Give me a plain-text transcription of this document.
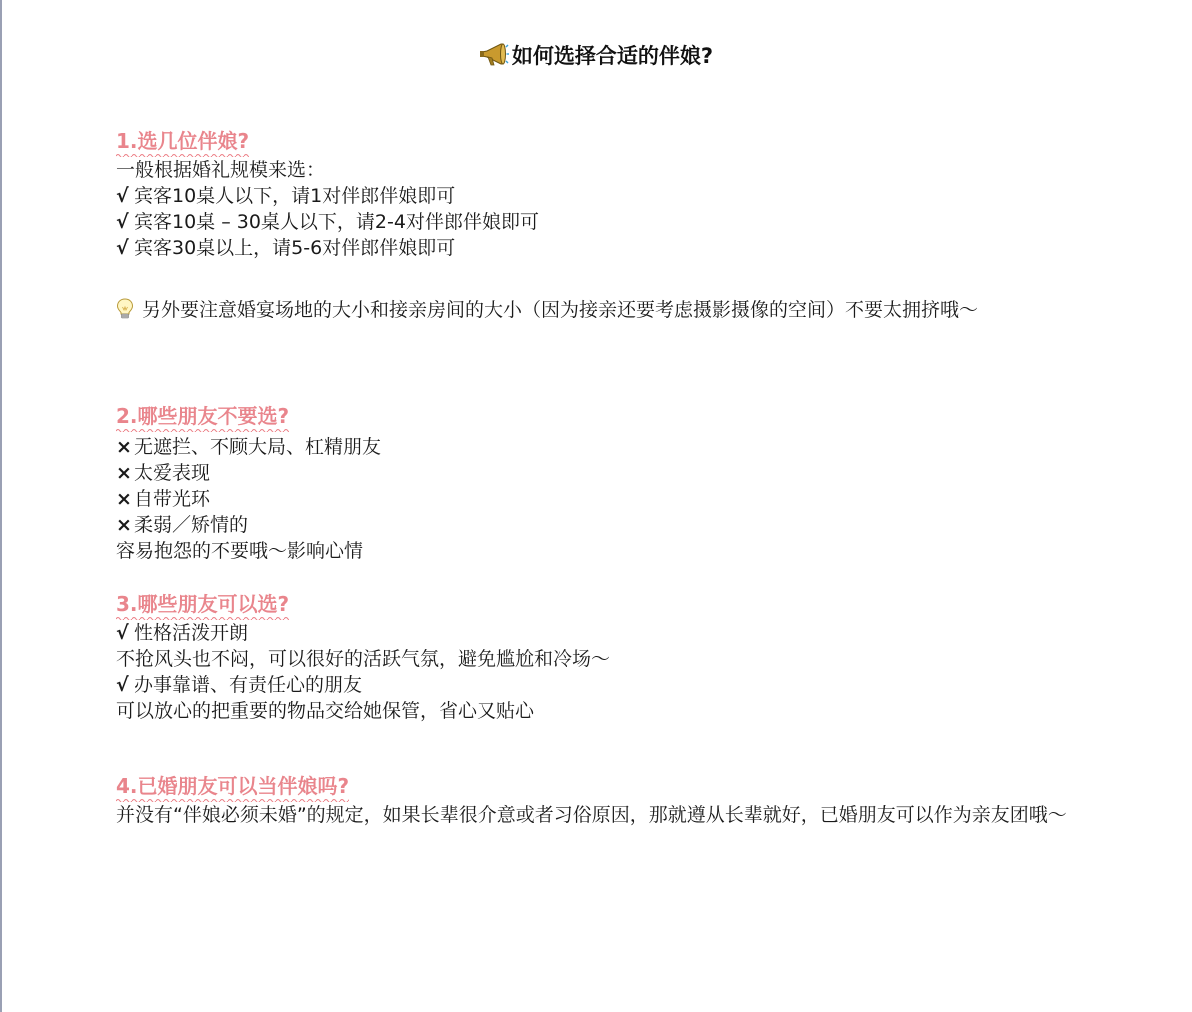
如何选择合适的伴娘?
1.选几位伴娘?
一般根据婚礼规模来选：
√ 宾客10桌人以下，请1对伴郎伴娘即可
√ 宾客10桌 – 30桌人以下，请2-4对伴郎伴娘即可
√ 宾客30桌以上，请5-6对伴郎伴娘即可
另外要注意婚宴场地的大小和接亲房间的大小（因为接亲还要考虑摄影摄像的空间）不要太拥挤哦～
2.哪些朋友不要选?
× 无遮拦、不顾大局、杠精朋友
× 太爱表现
× 自带光环
× 柔弱／矫情的
容易抱怨的不要哦～影响心情
3.哪些朋友可以选?
√ 性格活泼开朗
不抢风头也不闷，可以很好的活跃气氛，避免尴尬和冷场～
√ 办事靠谱、有责任心的朋友
可以放心的把重要的物品交给她保管，省心又贴心
4.已婚朋友可以当伴娘吗?
并没有“伴娘必须未婚”的规定，如果长辈很介意或者习俗原因，那就遵从长辈就好，已婚朋友可以作为亲友团哦～
